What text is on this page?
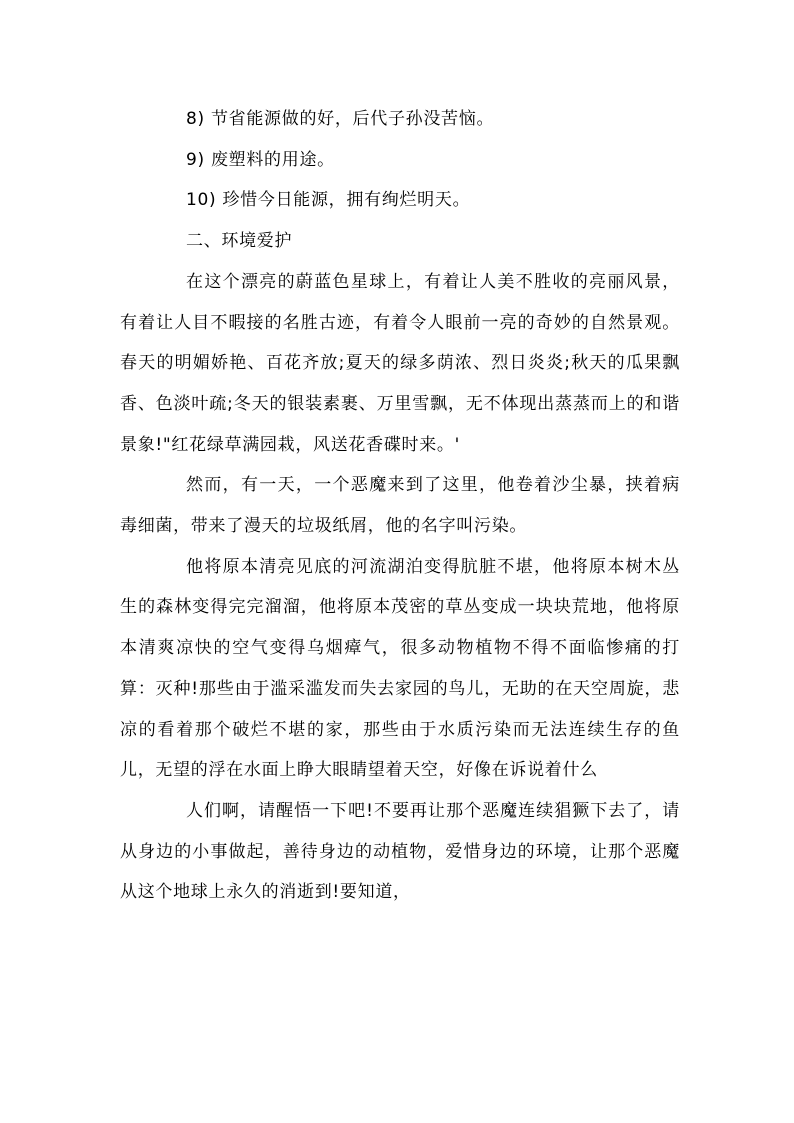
8) 节省能源做的好，后代子孙没苦恼。

9) 废塑料的用途。

10) 珍惜今日能源，拥有绚烂明天。

二、环境爱护

在这个漂亮的蔚蓝色星球上，有着让人美不胜收的亮丽风景，有着让人目不暇接的名胜古迹，有着令人眼前一亮的奇妙的自然景观。春天的明媚娇艳、百花齐放;夏天的绿多荫浓、烈日炎炎;秋天的瓜果飘香、色淡叶疏;冬天的银装素裹、万里雪飘，无不体现出蒸蒸而上的和谐景象!"红花绿草满园栽，风送花香碟时来。'

然而，有一天，一个恶魔来到了这里，他卷着沙尘暴，挟着病毒细菌，带来了漫天的垃圾纸屑，他的名字叫污染。

他将原本清亮见底的河流湖泊变得肮脏不堪，他将原本树木丛生的森林变得完完溜溜，他将原本茂密的草丛变成一块块荒地，他将原本清爽凉快的空气变得乌烟瘴气，很多动物植物不得不面临惨痛的打算：灭种!那些由于滥采滥发而失去家园的鸟儿，无助的在天空周旋，悲凉的看着那个破烂不堪的家，那些由于水质污染而无法连续生存的鱼儿，无望的浮在水面上睁大眼睛望着天空，好像在诉说着什么

人们啊，请醒悟一下吧!不要再让那个恶魔连续猖獗下去了，请从身边的小事做起，善待身边的动植物，爱惜身边的环境，让那个恶魔从这个地球上永久的消逝到!要知道，
